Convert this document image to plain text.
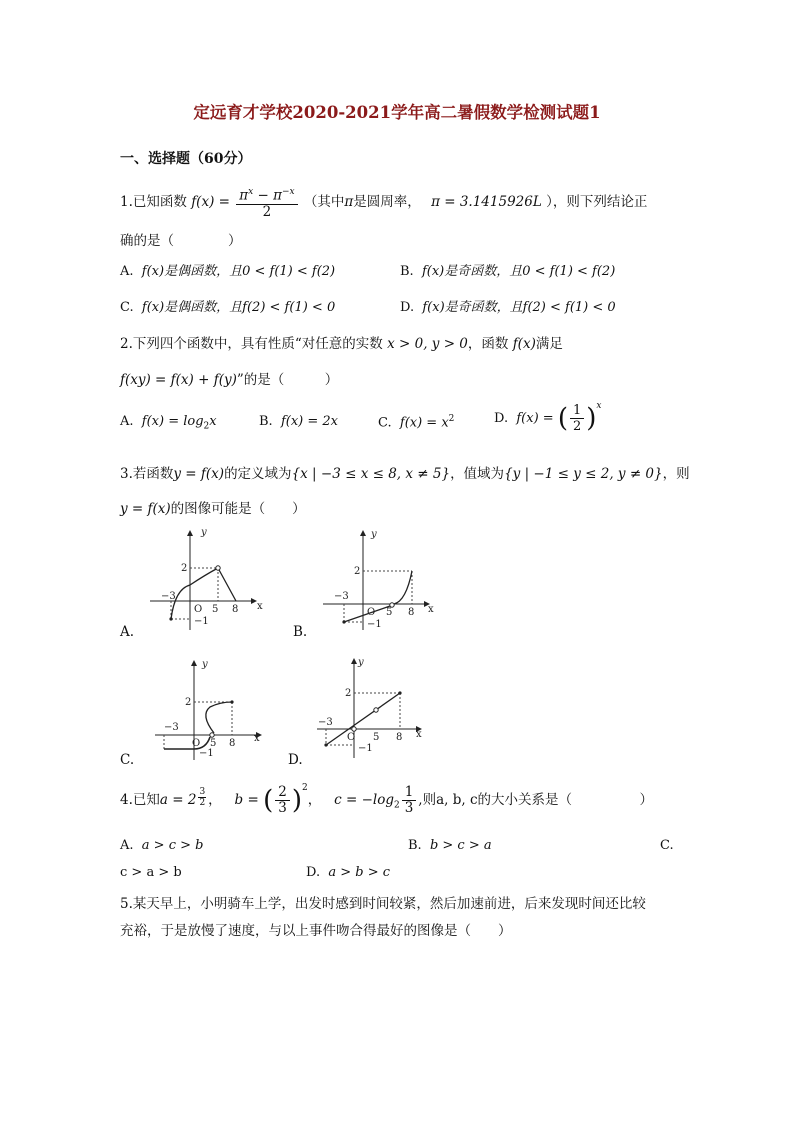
定远育才学校2020-2021学年高二暑假数学检测试题1
一、选择题（60分）
1.已知函数 $f(x) = \frac{\pi^x - \pi^{-x}}{2}$ （其中π是圆周率， π = 3.1415926L ），则下列结论正
确的是（　　　　）
A. f(x)是偶函数，且0 < f(1) < f(2)	B. f(x)是奇函数，且0 < f(1) < f(2)
C. f(x)是偶函数，且f(2) < f(1) < 0	D. f(x)是奇函数，且f(2) < f(1) < 0
2.下列四个函数中，具有性质“对任意的实数 x > 0, y > 0，函数 f(x)满足
f(xy) = f(x) + f(y)”的是（　　　）
A. $f(x) = \log_2x$	B. f(x) = 2x	C. $f(x) = x^2$	D. f(x) = ( $\frac{1}{2} )^x$
3.若函数y = f(x)的定义域为{x | −3 ≤ x ≤ 8, x ≠ 5}，值域为{y | −1 ≤ y ≤ 2, y ≠ 0}，则
y = f(x)的图像可能是（　　）
y
x
2
−3
O 5 8
−1
A.
y
x
2
−3
O 5 8
−1
B.
y
x
2
−3
O 5 8
−1
C.
y
x
2
−3
O 5 8
−1
D.
4.已知a = 2 $^{\frac{3}{2}}$ ，   b = ( $\frac{2}{3} )^2$，   $c = -\log_2 \frac{1}{3}$ ,则a, b, c的大小关系是（　　　　　）
A. a > c > b	B. b > c > a	C.
c > a > b	D. a > b > c
5.某天早上，小明骑车上学，出发时感到时间较紧，然后加速前进，后来发现时间还比较
充裕，于是放慢了速度，与以上事件吻合得最好的图像是（　　）
